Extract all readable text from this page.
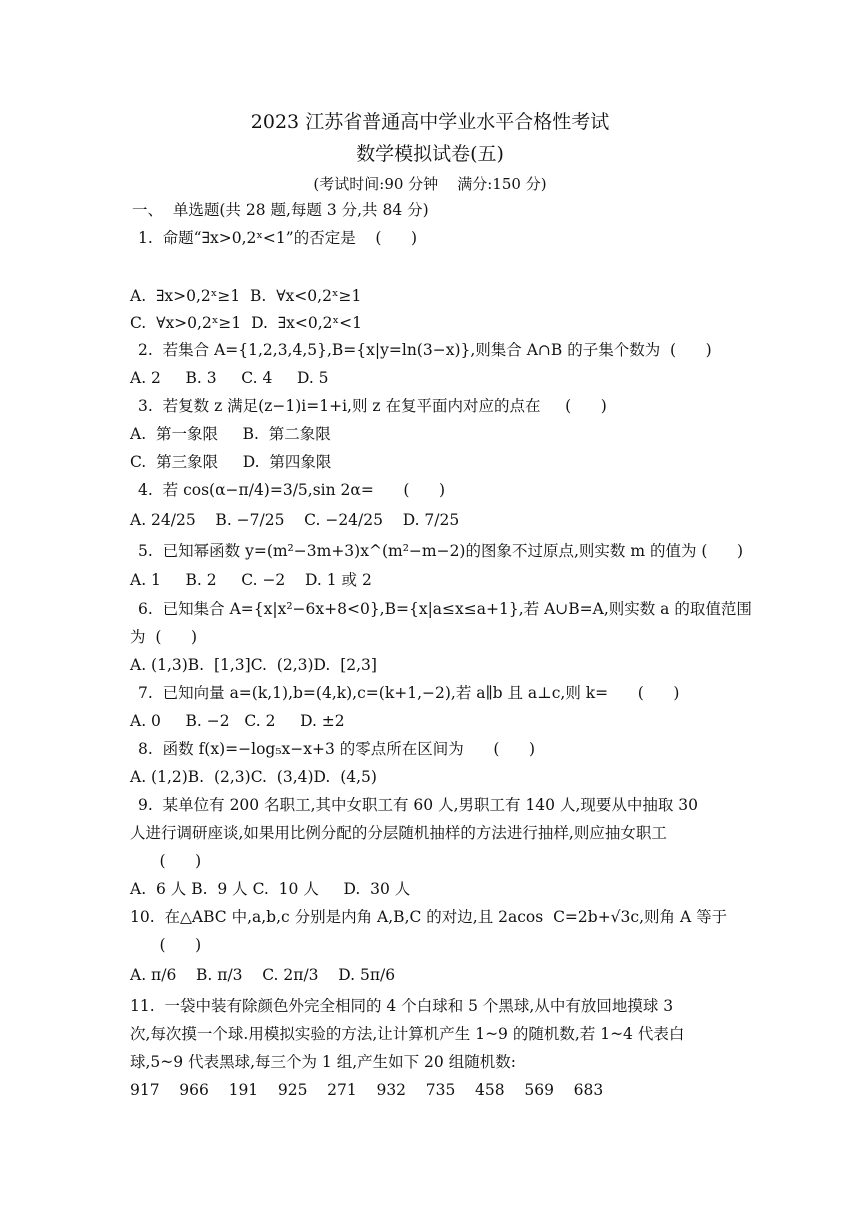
2023 江苏省普通高中学业水平合格性考试
数学模拟试卷(五)
(考试时间:90 分钟    满分:150 分)
一、  单选题(共 28 题,每题 3 分,共 84 分)
1.  命题“∃x>0,2ˣ<1”的否定是    (      )
A.  ∃x>0,2ˣ≥1  B.  ∀x<0,2ˣ≥1
C.  ∀x>0,2ˣ≥1  D.  ∃x<0,2ˣ<1
2.  若集合 A={1,2,3,4,5},B={x|y=ln(3−x)},则集合 A∩B 的子集个数为  (      )
A. 2     B. 3     C. 4     D. 5
3.  若复数 z 满足(z−1)i=1+i,则 z 在复平面内对应的点在     (      )
A.  第一象限     B.  第二象限
C.  第三象限     D.  第四象限
4.  若 cos(α−π/4)=3/5,sin 2α=      (      )
A. 24/25    B. −7/25    C. −24/25    D. 7/25
5.  已知幂函数 y=(m²−3m+3)x^(m²−m−2)的图象不过原点,则实数 m 的值为 (      )
A. 1     B. 2     C. −2    D. 1 或 2
6.  已知集合 A={x|x²−6x+8<0},B={x|a≤x≤a+1},若 A∪B=A,则实数 a 的取值范围
为  (      )
A. (1,3)B.  [1,3]C.  (2,3)D.  [2,3]
7.  已知向量 a=(k,1),b=(4,k),c=(k+1,−2),若 a∥b 且 a⊥c,则 k=      (      )
A. 0     B. −2   C. 2     D. ±2
8.  函数 f(x)=−log₅x−x+3 的零点所在区间为      (      )
A. (1,2)B.  (2,3)C.  (3,4)D.  (4,5)
9.  某单位有 200 名职工,其中女职工有 60 人,男职工有 140 人,现要从中抽取 30
人进行调研座谈,如果用比例分配的分层随机抽样的方法进行抽样,则应抽女职工
(      )
A.  6 人 B.  9 人 C.  10 人     D.  30 人
10.  在△ABC 中,a,b,c 分别是内角 A,B,C 的对边,且 2acos  C=2b+√3c,则角 A 等于
(      )
A. π/6    B. π/3    C. 2π/3    D. 5π/6
11.  一袋中装有除颜色外完全相同的 4 个白球和 5 个黑球,从中有放回地摸球 3
次,每次摸一个球.用模拟实验的方法,让计算机产生 1~9 的随机数,若 1~4 代表白
球,5~9 代表黑球,每三个为 1 组,产生如下 20 组随机数:
917    966    191    925    271    932    735    458    569    683
